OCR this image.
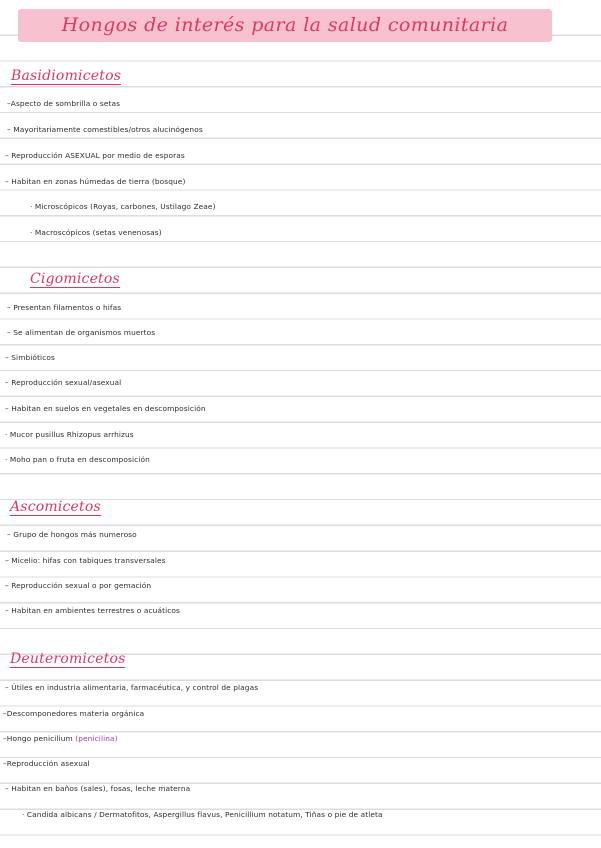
Hongos de interés para la salud comunitaria
Basidiomicetos
–Aspecto de sombrilla o setas
– Mayoritariamente comestibles/otros alucinógenos
– Reproducción ASEXUAL por medio de esporas
– Habitan en zonas húmedas de tierra (bosque)
· Microscópicos (Royas, carbones, Ustilago Zeae)
· Macroscópicos (setas venenosas)
Cigomicetos
– Presentan filamentos o hifas
– Se alimentan de organismos muertos
– Simbióticos
– Reproducción sexual/asexual
– Habitan en suelos en vegetales en descomposición
· Mucor pusillus Rhizopus arrhizus
· Moho pan o fruta en descomposición
Ascomicetos
– Grupo de hongos más numeroso
– Micelio: hifas con tabiques transversales
– Reproducción sexual o por gemación
– Habitan en ambientes terrestres o acuáticos
Deuteromicetos
– Útiles en industria alimentaria, farmacéutica, y control de plagas
–Descomponedores materia orgánica
–Hongo penicilium (penicilina)
–Reproducción asexual
– Habitan en baños (sales), fosas, leche materna
· Candida albicans / Dermatofitos, Aspergillus flavus, Penicillium notatum, Tiñas o pie de atleta
